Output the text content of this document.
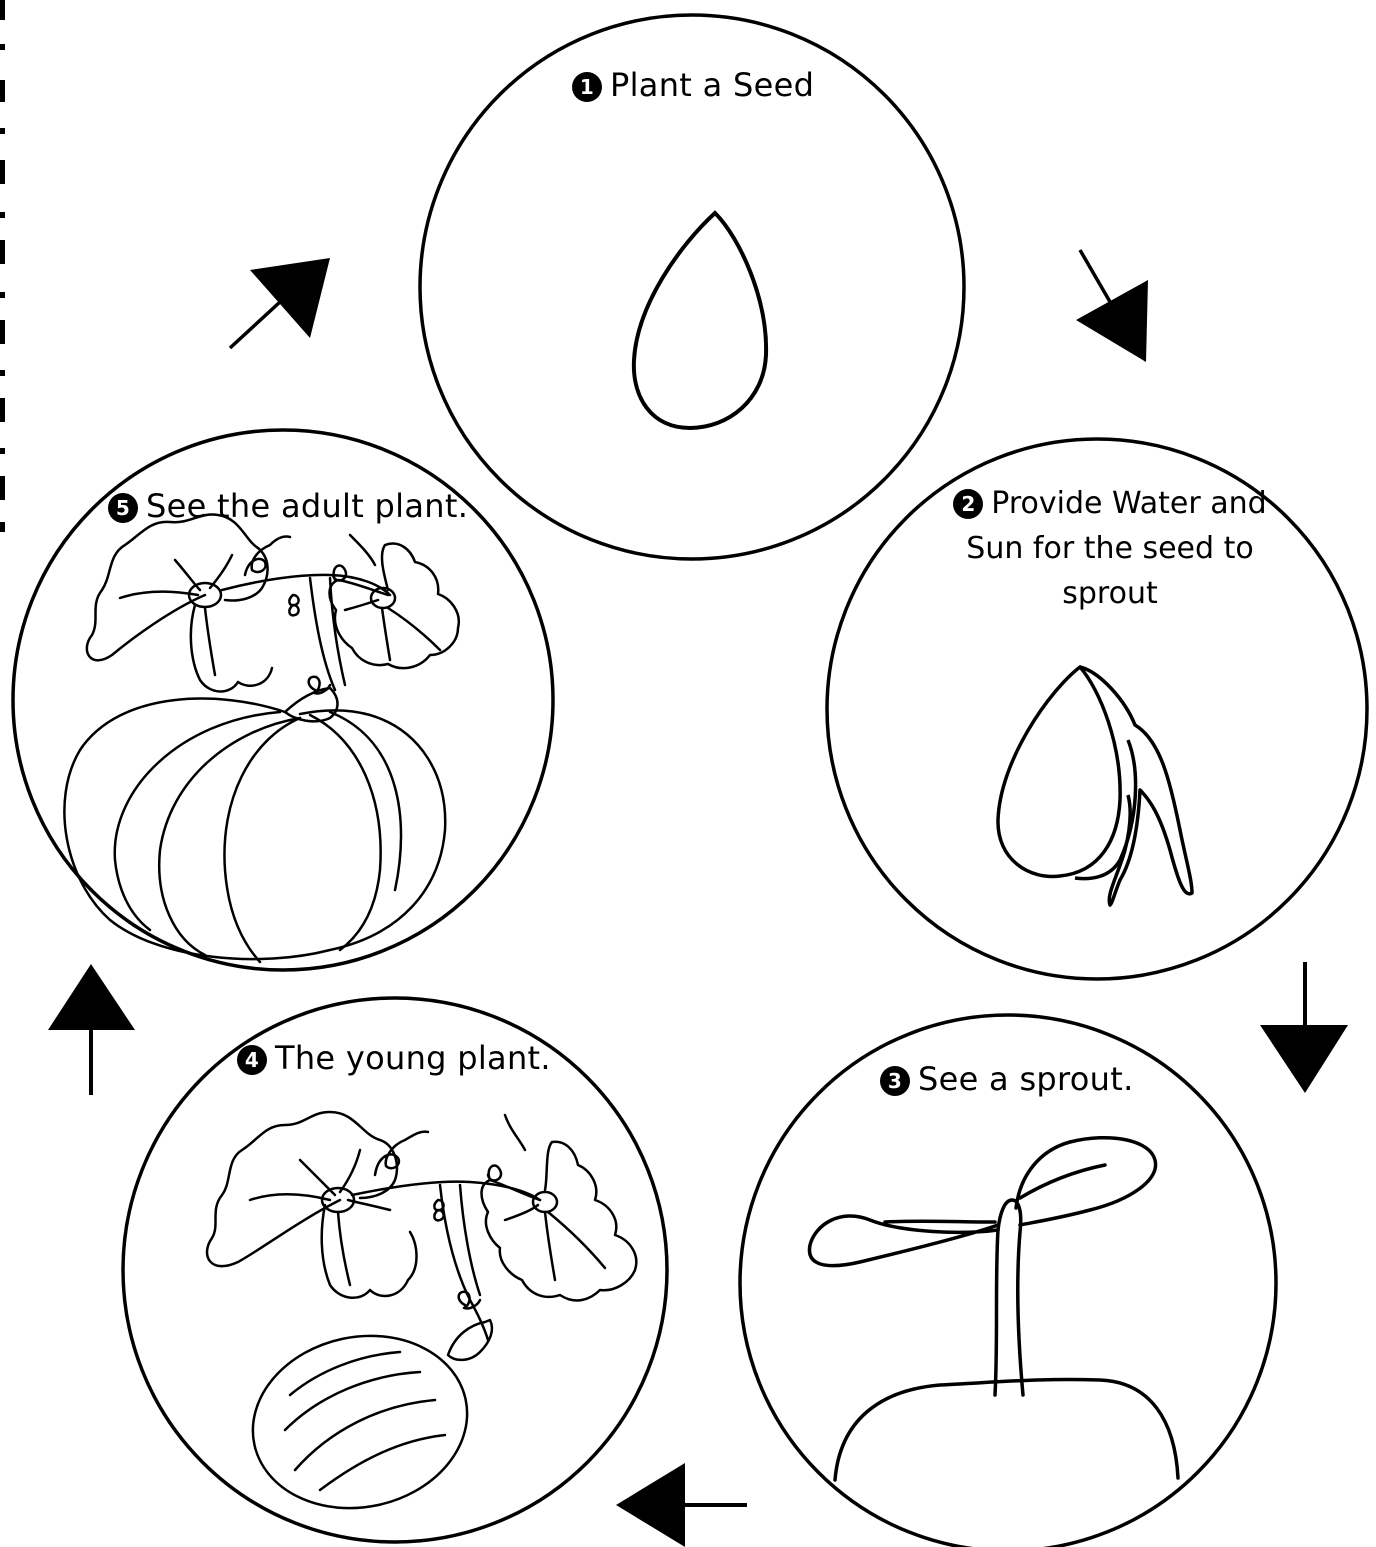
1 Plant a Seed
2 Provide Water and
Sun for the seed to
sprout
3 See a sprout.
4 The young plant.
5 See the adult plant.
